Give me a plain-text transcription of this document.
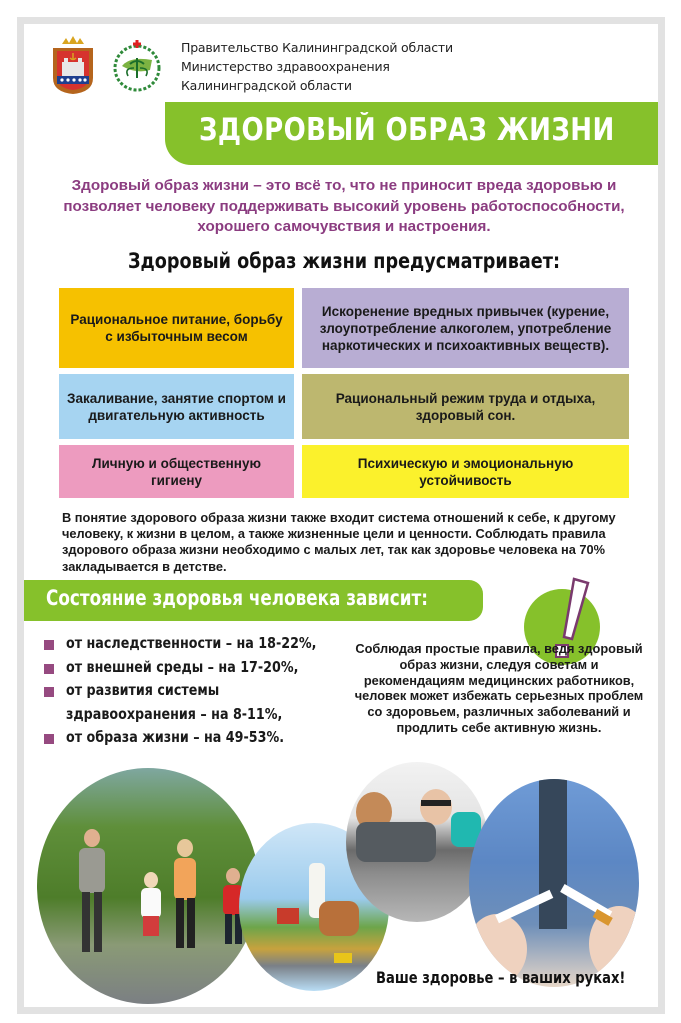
Правительство Калининградской области
Министерство здравоохранения
Калининградской области
ЗДОРОВЫЙ ОБРАЗ ЖИЗНИ
Здоровый образ жизни – это всё то, что не приносит вреда здоровью и позволяет человеку поддерживать высокий уровень работоспособности, хорошего самочувствия и настроения.
Здоровый образ жизни предусматривает:
Рациональное питание, борьбу с избыточным весом
Искоренение вредных привычек (курение, злоупотребление алкоголем, употребление наркотических и психоактивных веществ).
Закаливание, занятие спортом и двигательную активность
Рациональный режим труда и отдыха, здоровый сон.
Личную и общественную гигиену
Психическую и эмоциональную устойчивость
В понятие здорового образа жизни также входит система отношений к себе, к другому человеку, к жизни в целом, а также жизненные цели и ценности. Соблюдать правила здорового образа жизни необходимо с малых лет, так как здоровье человека на 70% закладывается в детстве.
Состояние здоровья человека зависит:
от наследственности – на 18-22%,
от внешней среды – на 17-20%,
от развития системы
здравоохранения – на 8-11%,
от образа жизни – на 49-53%.
Соблюдая простые правила, ведя здоровый образ жизни, следуя советам и рекомендациям медицинских работников, человек может избежать серьезных проблем со здоровьем, различных заболеваний и продлить себе активную жизнь.
Ваше здоровье – в ваших руках!
